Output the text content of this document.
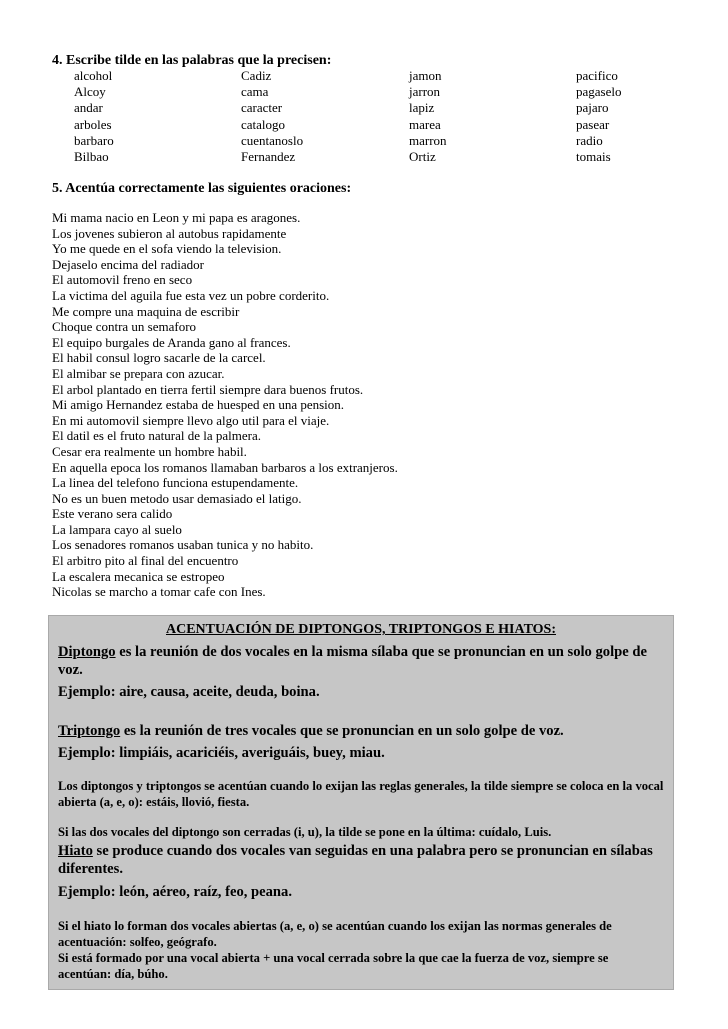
4. Escribe tilde en las palabras que la precisen:

alcohol
Alcoy
andar
arboles
barbaro
Bilbao
Cadiz
cama
caracter
catalogo
cuentanoslo
Fernandez
jamon
jarron
lapiz
marea
marron
Ortiz
pacifico
pagaselo
pajaro
pasear
radio
tomais

5. Acentúa correctamente las siguientes oraciones:

Mi mama nacio en Leon y mi papa es aragones.
Los jovenes subieron al autobus rapidamente
Yo me quede en el sofa viendo la television.
Dejaselo encima del radiador
El automovil freno en seco
La victima del aguila fue esta vez un pobre corderito.
Me compre una maquina de escribir
Choque contra un semaforo
El equipo burgales de Aranda gano al frances.
El habil consul logro sacarle de la carcel.
El almibar se prepara con azucar.
El arbol plantado en tierra fertil siempre dara buenos frutos.
Mi amigo Hernandez estaba de huesped en una pension.
En mi automovil siempre llevo algo util para el viaje.
El datil es el fruto natural de la palmera.
Cesar era realmente un hombre habil.
En aquella epoca los romanos llamaban barbaros a los extranjeros.
La linea del telefono funciona estupendamente.
No es un buen metodo usar demasiado el latigo.
Este verano sera calido
La lampara cayo al suelo
Los senadores romanos usaban tunica y no habito.
El arbitro pito al final del encuentro
La escalera mecanica se estropeo
Nicolas se marcho a tomar cafe con Ines.
ACENTUACIÓN DE DIPTONGOS, TRIPTONGOS E HIATOS:

Diptongo es la reunión de dos vocales en la misma sílaba que se pronuncian en un solo golpe de voz.

Ejemplo: aire, causa, aceite, deuda, boina.

Triptongo es la reunión de tres vocales que se pronuncian en un solo golpe de voz.

Ejemplo: limpiáis, acariciéis, averiguáis, buey, miau.

Los diptongos y triptongos se acentúan cuando lo exijan las reglas generales, la tilde siempre se coloca en la vocal abierta (a, e, o): estáis, llovió, fiesta.

Si las dos vocales del diptongo son cerradas (i, u), la tilde se pone en la última: cuídalo, Luis.

Hiato se produce cuando dos vocales van seguidas en una palabra pero se pronuncian en sílabas diferentes.

Ejemplo: león, aéreo, raíz, feo, peana.

Si el hiato lo forman dos vocales abiertas (a, e, o) se acentúan cuando los exijan las normas generales de acentuación: solfeo, geógrafo.

Si está formado por una vocal abierta + una vocal cerrada sobre la que cae la fuerza de voz, siempre se acentúan: día, búho.
